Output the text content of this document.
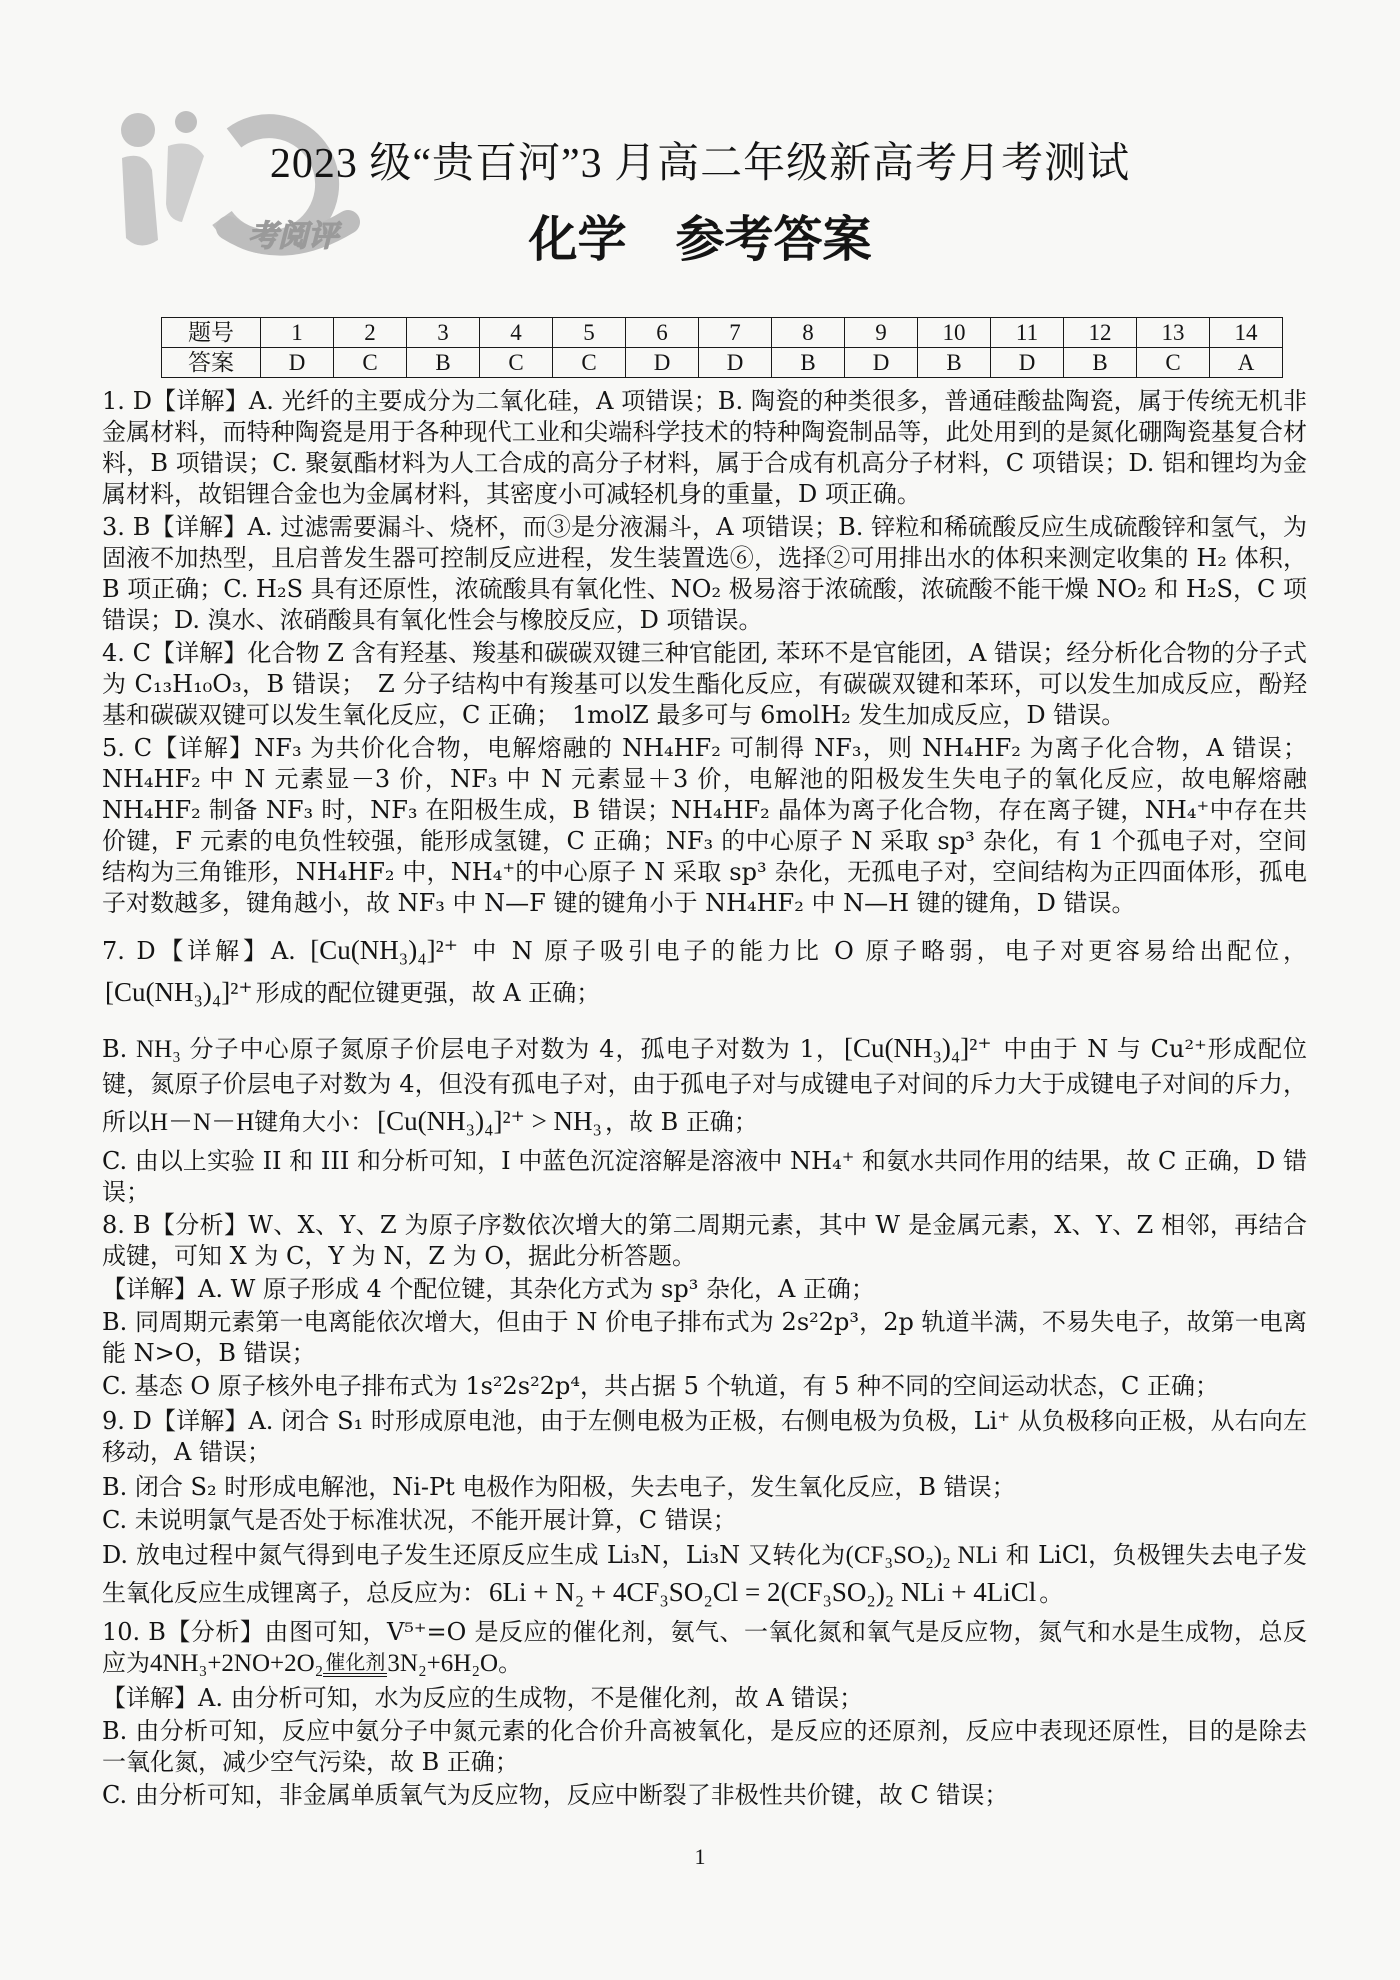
考阅评
2023 级“贵百河”3 月高二年级新高考月考测试
化学　参考答案
题号	1	2	3	4	5	6	7	8	9	10	11	12	13	14
答案	D	C	B	C	C	D	D	B	D	B	D	B	C	A

1. D【详解】A. 光纤的主要成分为二氧化硅，A 项错误；B. 陶瓷的种类很多，普通硅酸盐陶瓷，属于传统无机非金属材料，而特种陶瓷是用于各种现代工业和尖端科学技术的特种陶瓷制品等，此处用到的是氮化硼陶瓷基复合材料，B 项错误；C. 聚氨酯材料为人工合成的高分子材料，属于合成有机高分子材料，C 项错误；D. 铝和锂均为金属材料，故铝锂合金也为金属材料，其密度小可减轻机身的重量，D 项正确。

3. B【详解】A. 过滤需要漏斗、烧杯，而③是分液漏斗，A 项错误；B. 锌粒和稀硫酸反应生成硫酸锌和氢气，为固液不加热型，且启普发生器可控制反应进程，发生装置选⑥，选择②可用排出水的体积来测定收集的 H₂ 体积，B 项正确；C. H₂S 具有还原性，浓硫酸具有氧化性、NO₂ 极易溶于浓硫酸，浓硫酸不能干燥 NO₂ 和 H₂S，C 项错误；D. 溴水、浓硝酸具有氧化性会与橡胶反应，D 项错误。

4. C【详解】化合物 Z 含有羟基、羧基和碳碳双键三种官能团, 苯环不是官能团，A 错误；经分析化合物的分子式为 C₁₃H₁₀O₃，B 错误；　Z 分子结构中有羧基可以发生酯化反应，有碳碳双键和苯环，可以发生加成反应，酚羟基和碳碳双键可以发生氧化反应，C 正确；　1molZ 最多可与 6molH₂ 发生加成反应，D 错误。

5. C【详解】NF₃ 为共价化合物，电解熔融的 NH₄HF₂ 可制得 NF₃，则 NH₄HF₂ 为离子化合物，A 错误；NH₄HF₂ 中 N 元素显－3 价，NF₃ 中 N 元素显＋3 价，电解池的阳极发生失电子的氧化反应，故电解熔融 NH₄HF₂ 制备 NF₃ 时，NF₃ 在阳极生成，B 错误；NH₄HF₂ 晶体为离子化合物，存在离子键，NH₄⁺中存在共价键，F 元素的电负性较强，能形成氢键，C 正确；NF₃ 的中心原子 N 采取 sp³ 杂化，有 1 个孤电子对，空间结构为三角锥形，NH₄HF₂ 中，NH₄⁺的中心原子 N 采取 sp³ 杂化，无孤电子对，空间结构为正四面体形，孤电子对数越多，键角越小，故 NF₃ 中 N—F 键的键角小于 NH₄HF₂ 中 N—H 键的键角，D 错误。

7. D【详解】A. [Cu(NH₃)₄]²⁺ 中 N 原子吸引电子的能力比 O 原子略弱，电子对更容易给出配位，[Cu(NH₃)₄]²⁺ 形成的配位键更强，故 A 正确；

B. NH₃ 分子中心原子氮原子价层电子对数为 4，孤电子对数为 1， [Cu(NH₃)₄]²⁺ 中由于 N 与 Cu²⁺形成配位键，氮原子价层电子对数为 4，但没有孤电子对，由于孤电子对与成键电子对间的斥力大于成键电子对间的斥力，所以H－N－H键角大小： [Cu(NH₃)₄]²⁺ > NH₃ ，故 B 正确；

C. 由以上实验 II 和 III 和分析可知，I 中蓝色沉淀溶解是溶液中 NH₄⁺ 和氨水共同作用的结果，故 C 正确，D 错误；

8. B【分析】W、X、Y、Z 为原子序数依次增大的第二周期元素，其中 W 是金属元素，X、Y、Z 相邻，再结合成键，可知 X 为 C，Y 为 N，Z 为 O，据此分析答题。

【详解】A. W 原子形成 4 个配位键，其杂化方式为 sp³ 杂化，A 正确；

B. 同周期元素第一电离能依次增大，但由于 N 价电子排布式为 2s²2p³，2p 轨道半满，不易失电子，故第一电离能 N>O，B 错误；

C. 基态 O 原子核外电子排布式为 1s²2s²2p⁴，共占据 5 个轨道，有 5 种不同的空间运动状态，C 正确；

9. D【详解】A. 闭合 S₁ 时形成原电池，由于左侧电极为正极，右侧电极为负极，Li⁺ 从负极移向正极，从右向左移动，A 错误；

B. 闭合 S₂ 时形成电解池，Ni-Pt 电极作为阳极，失去电子，发生氧化反应，B 错误；

C. 未说明氯气是否处于标准状况，不能开展计算，C 错误；

D. 放电过程中氮气得到电子发生还原反应生成 Li₃N，Li₃N 又转化为(CF₃SO₂)₂ NLi 和 LiCl，负极锂失去电子发生氧化反应生成锂离子，总反应为： 6Li + N₂ + 4CF₃SO₂Cl = 2(CF₃SO₂)₂ NLi + 4LiCl 。

10. B【分析】由图可知，V⁵⁺=O 是反应的催化剂，氨气、一氧化氮和氧气是反应物，氮气和水是生成物，总反应为4NH₃+2NO+2O₂ 催化剂3N₂+6H₂O。

【详解】A. 由分析可知，水为反应的生成物，不是催化剂，故 A 错误；

B. 由分析可知，反应中氨分子中氮元素的化合价升高被氧化，是反应的还原剂，反应中表现还原性，目的是除去一氧化氮，减少空气污染，故 B 正确；

C. 由分析可知，非金属单质氧气为反应物，反应中断裂了非极性共价键，故 C 错误；

1
